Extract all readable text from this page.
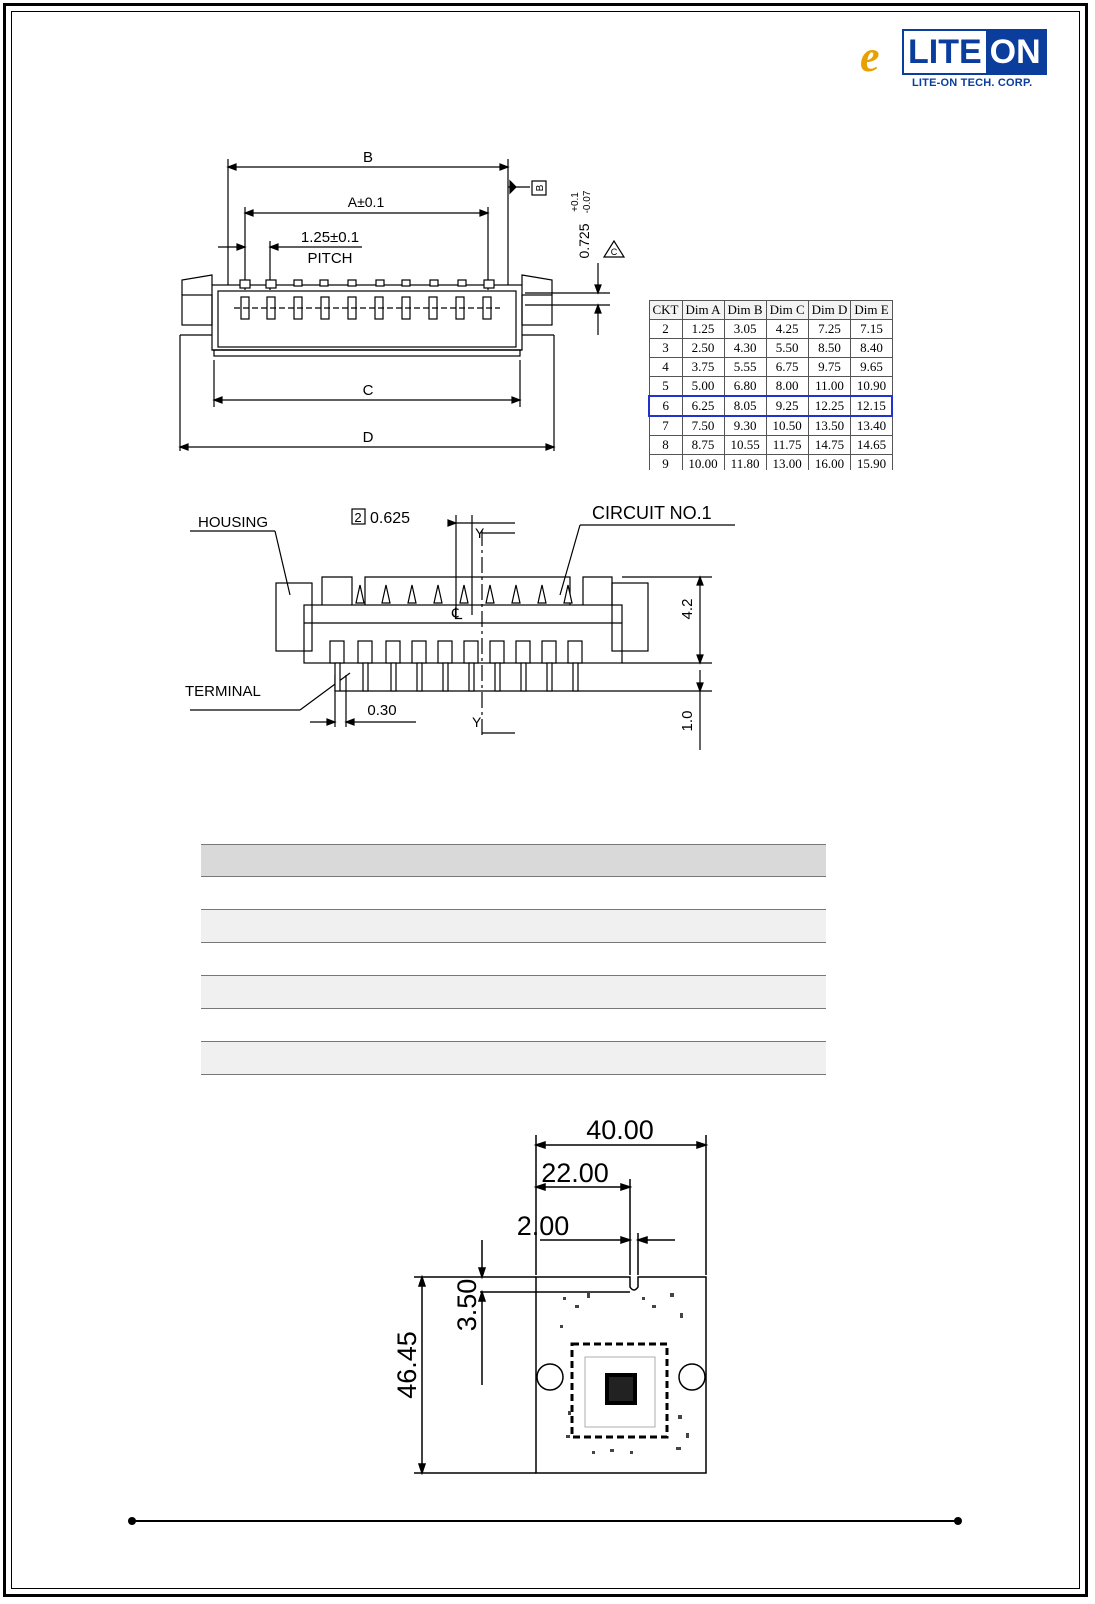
e LITE ON
LITE-ON TECH. CORP.
B
B
A±0.1
1.25±0.1
PITCH	0.725
+0.1 -0.07
C
C
D
CKT	Dim A	Dim B	Dim C	Dim D	Dim E
2	1.25	3.05	4.25	7.25	7.15
3	2.50	4.30	5.50	8.50	8.40
4	3.75	5.55	6.75	9.75	9.65
5	5.00	6.80	8.00	11.00	10.90
6	6.25	8.05	9.25	12.25	12.15
7	7.50	9.30	10.50	13.50	13.40
8	8.75	10.55	11.75	14.75	14.65
9	10.00	11.80	13.00	16.00	15.90
HOUSING	2 0.625
Y
CIRCUIT NO.1
℄	4.2
TERMINAL
0.30
Y	1.0
40.00
22.00
2.00
46.45
3.50
